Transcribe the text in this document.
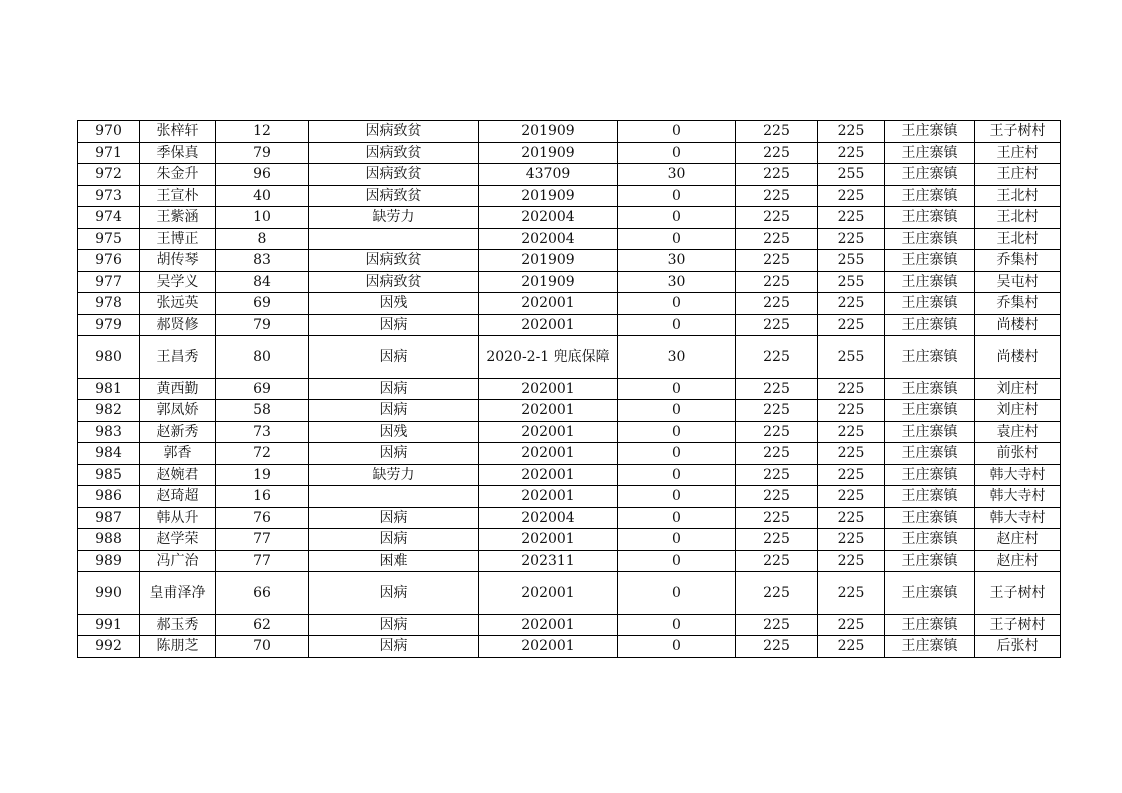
970	张梓轩	12	因病致贫	201909	0	225	225	王庄寨镇	王子树村
971	季保真	79	因病致贫	201909	0	225	225	王庄寨镇	王庄村
972	朱金升	96	因病致贫	43709	30	225	255	王庄寨镇	王庄村
973	王宣朴	40	因病致贫	201909	0	225	225	王庄寨镇	王北村
974	王紫涵	10	缺劳力	202004	0	225	225	王庄寨镇	王北村
975	王博正	8		202004	0	225	225	王庄寨镇	王北村
976	胡传琴	83	因病致贫	201909	30	225	255	王庄寨镇	乔集村
977	吴学义	84	因病致贫	201909	30	225	255	王庄寨镇	吴屯村
978	张远英	69	因残	202001	0	225	225	王庄寨镇	乔集村
979	郝贤修	79	因病	202001	0	225	225	王庄寨镇	尚楼村
980	王昌秀	80	因病	2020-2-1 兜底保障	30	225	255	王庄寨镇	尚楼村
981	黄西勤	69	因病	202001	0	225	225	王庄寨镇	刘庄村
982	郭凤娇	58	因病	202001	0	225	225	王庄寨镇	刘庄村
983	赵新秀	73	因残	202001	0	225	225	王庄寨镇	袁庄村
984	郭香	72	因病	202001	0	225	225	王庄寨镇	前张村
985	赵婉君	19	缺劳力	202001	0	225	225	王庄寨镇	韩大寺村
986	赵琦超	16		202001	0	225	225	王庄寨镇	韩大寺村
987	韩从升	76	因病	202004	0	225	225	王庄寨镇	韩大寺村
988	赵学荣	77	因病	202001	0	225	225	王庄寨镇	赵庄村
989	冯广治	77	困难	202311	0	225	225	王庄寨镇	赵庄村
990	皇甫泽净	66	因病	202001	0	225	225	王庄寨镇	王子树村
991	郝玉秀	62	因病	202001	0	225	225	王庄寨镇	王子树村
992	陈朋芝	70	因病	202001	0	225	225	王庄寨镇	后张村
